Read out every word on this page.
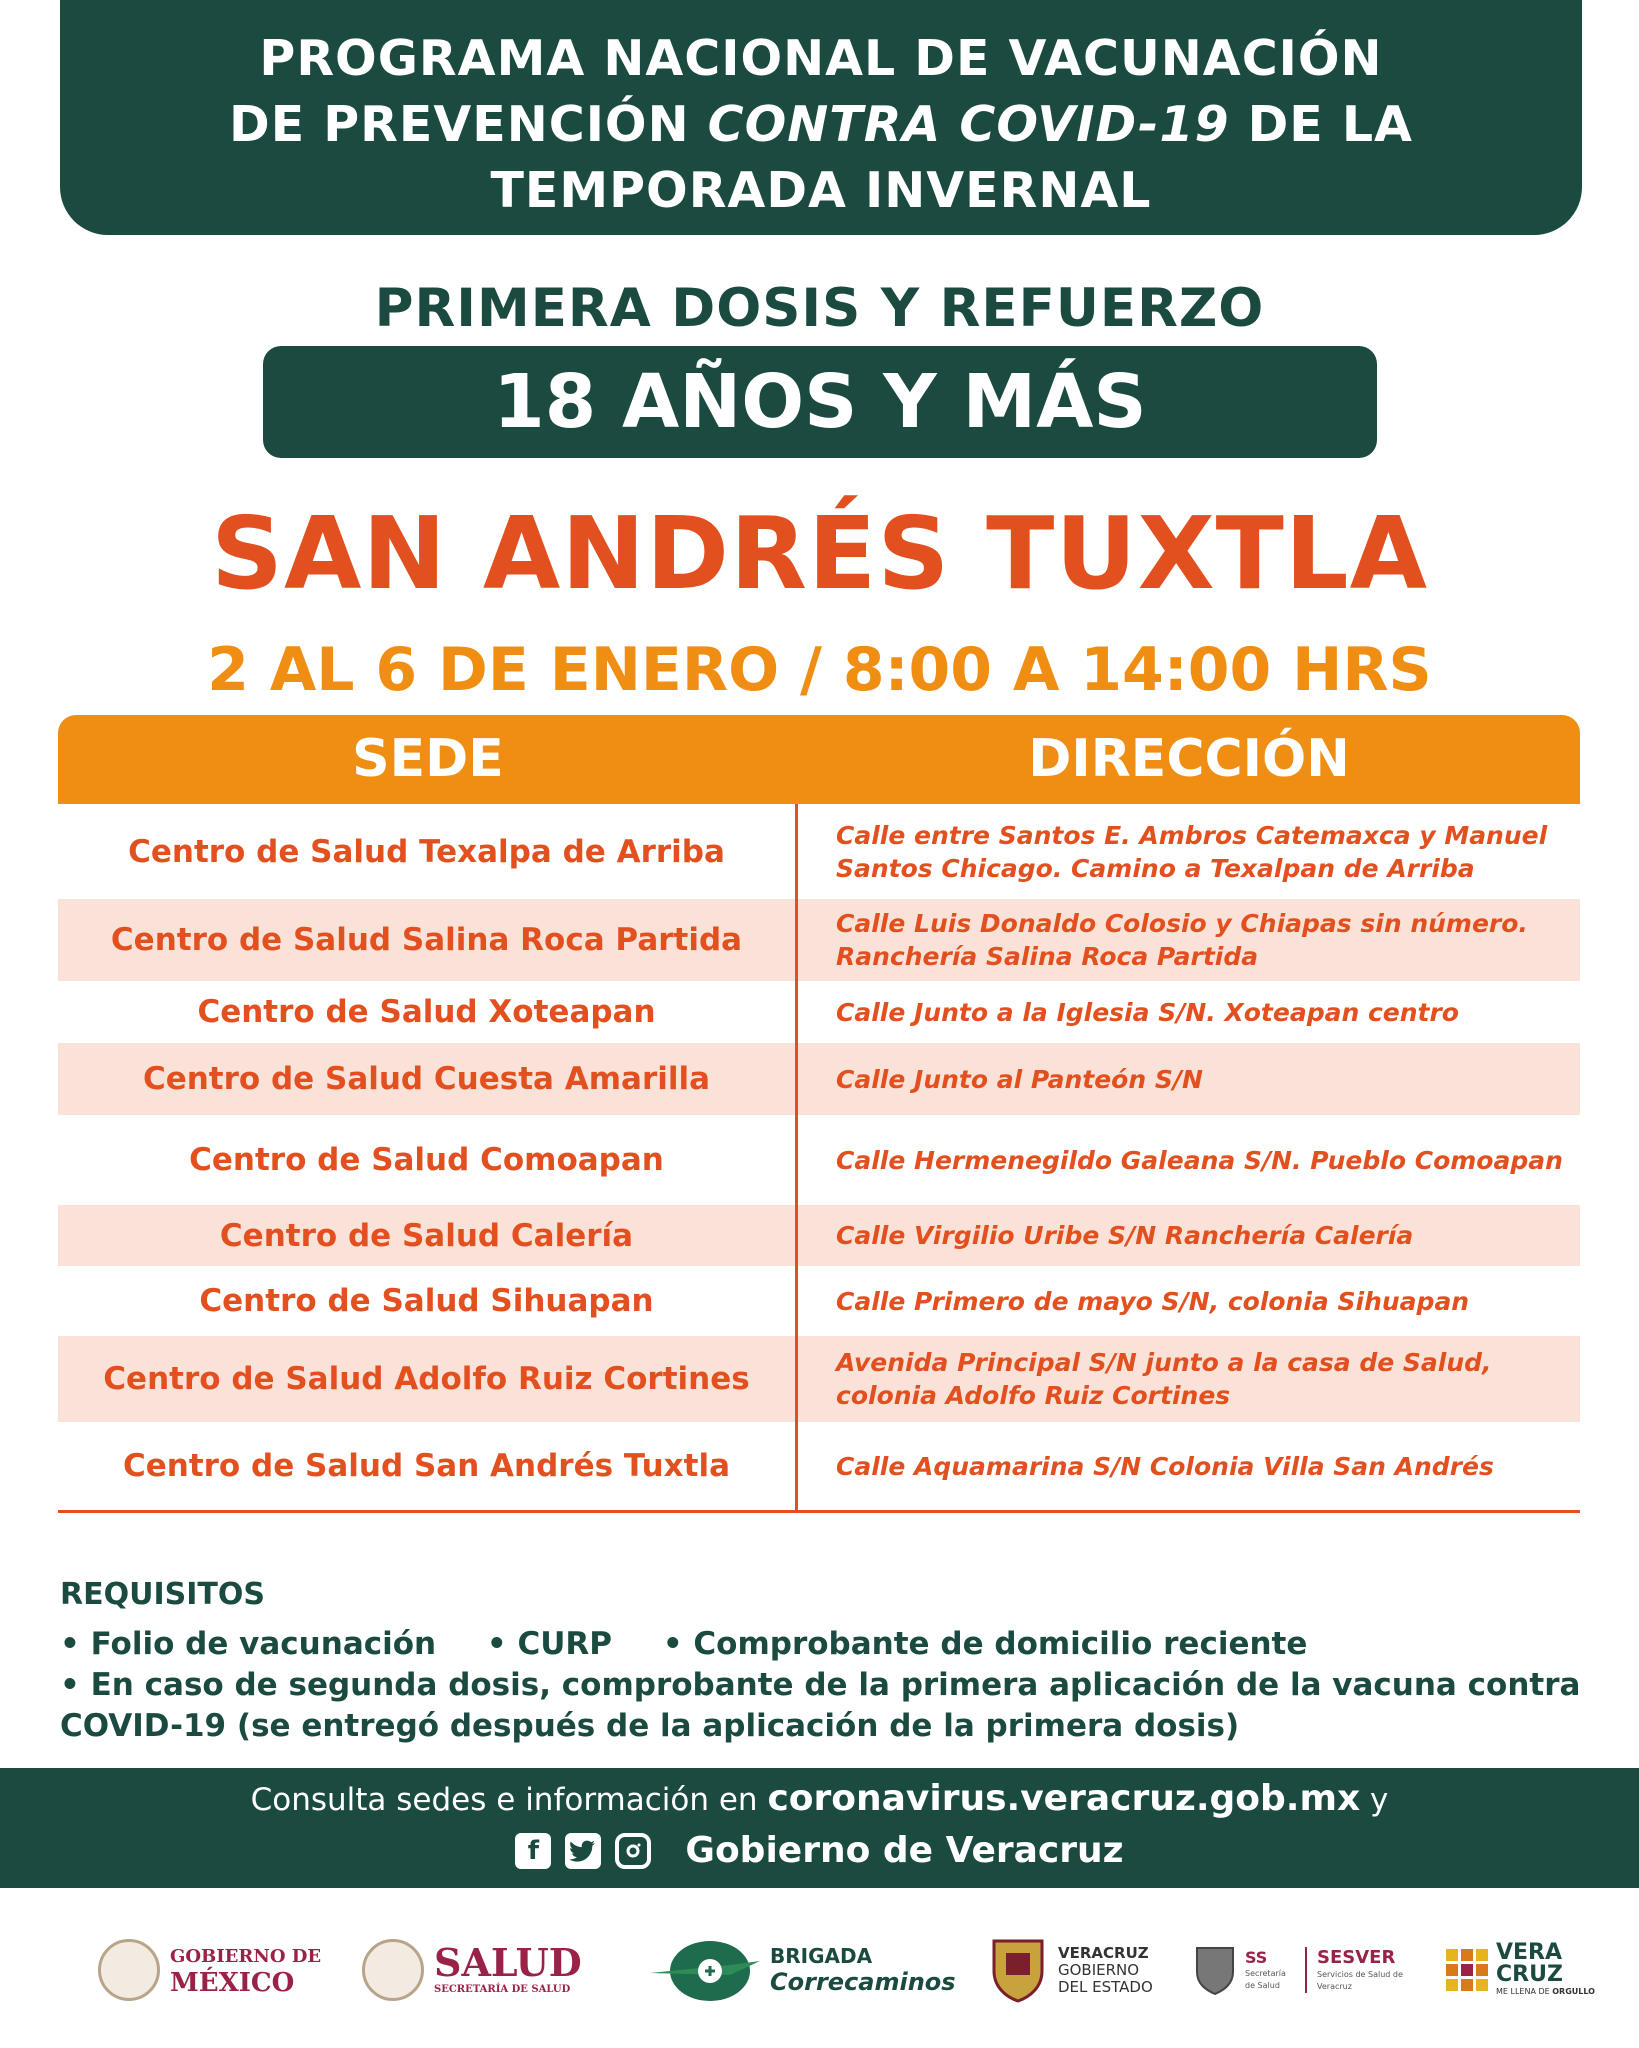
PROGRAMA NACIONAL DE VACUNACIÓN
DE PREVENCIÓN CONTRA COVID-19 DE LA
TEMPORADA INVERNAL
PRIMERA DOSIS Y REFUERZO
18 AÑOS Y MÁS
SAN ANDRÉS TUXTLA
2 AL 6 DE ENERO / 8:00 A 14:00 HRS
SEDE	DIRECCIÓN
Centro de Salud Texalpa de Arriba	Calle entre Santos E. Ambros Catemaxca y Manuel Santos Chicago. Camino a Texalpan de Arriba
Centro de Salud Salina Roca Partida	Calle Luis Donaldo Colosio y Chiapas sin número. Ranchería Salina Roca Partida
Centro de Salud Xoteapan	Calle Junto a la Iglesia S/N. Xoteapan centro
Centro de Salud Cuesta Amarilla	Calle Junto al Panteón S/N
Centro de Salud Comoapan	Calle Hermenegildo Galeana S/N. Pueblo Comoapan
Centro de Salud Calería	Calle Virgilio Uribe S/N Ranchería Calería
Centro de Salud Sihuapan	Calle Primero de mayo S/N, colonia Sihuapan
Centro de Salud Adolfo Ruiz Cortines	Avenida Principal S/N junto a la casa de Salud, colonia Adolfo Ruiz Cortines
Centro de Salud San Andrés Tuxtla	Calle Aquamarina S/N Colonia Villa San Andrés
REQUISITOS
• Folio de vacunación • CURP • Comprobante de domicilio reciente
• En caso de segunda dosis, comprobante de la primera aplicación de la vacuna contra
COVID-19 (se entregó después de la aplicación de la primera dosis)
Consulta sedes e información en coronavirus.veracruz.gob.mx y
f	Gobierno de Veracruz
GOBIERNO DE
MÉXICO	SALUD
SECRETARÍA DE SALUD
BRIGADA
Correcaminos
VERACRUZ
GOBIERNO
DEL ESTADO
SS
Secretaría de Salud
SESVER
Servicios de Salud de Veracruz
VERA
CRUZ
ME LLENA DE ORGULLO
